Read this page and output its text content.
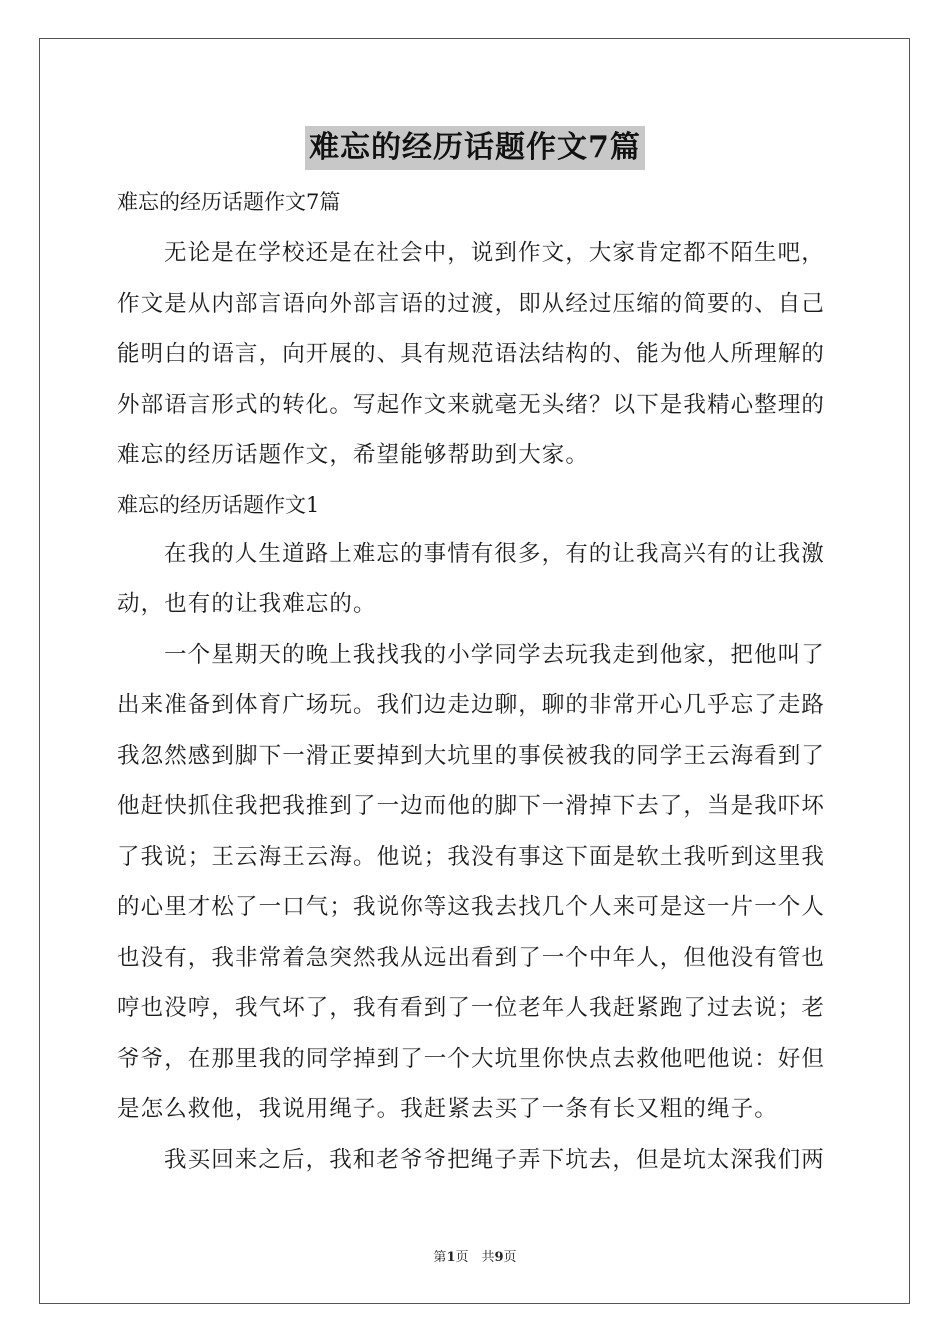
难忘的经历话题作文7篇
难忘的经历话题作文7篇

无论是在学校还是在社会中，说到作文，大家肯定都不陌生吧，
作文是从内部言语向外部言语的过渡，即从经过压缩的简要的、自己
能明白的语言，向开展的、具有规范语法结构的、能为他人所理解的
外部语言形式的转化。写起作文来就毫无头绪？以下是我精心整理的
难忘的经历话题作文，希望能够帮助到大家。

难忘的经历话题作文1

在我的人生道路上难忘的事情有很多，有的让我高兴有的让我激
动，也有的让我难忘的。

一个星期天的晚上我找我的小学同学去玩我走到他家，把他叫了
出来准备到体育广场玩。我们边走边聊，聊的非常开心几乎忘了走路
我忽然感到脚下一滑正要掉到大坑里的事侯被我的同学王云海看到了
他赶快抓住我把我推到了一边而他的脚下一滑掉下去了，当是我吓坏
了我说；王云海王云海。他说；我没有事这下面是软土我听到这里我
的心里才松了一口气；我说你等这我去找几个人来可是这一片一个人
也没有，我非常着急突然我从远出看到了一个中年人，但他没有管也
哼也没哼，我气坏了，我有看到了一位老年人我赶紧跑了过去说；老
爷爷，在那里我的同学掉到了一个大坑里你快点去救他吧他说：好但
是怎么救他，我说用绳子。我赶紧去买了一条有长又粗的绳子。

我买回来之后，我和老爷爷把绳子弄下坑去，但是坑太深我们两

第1页　共9页
